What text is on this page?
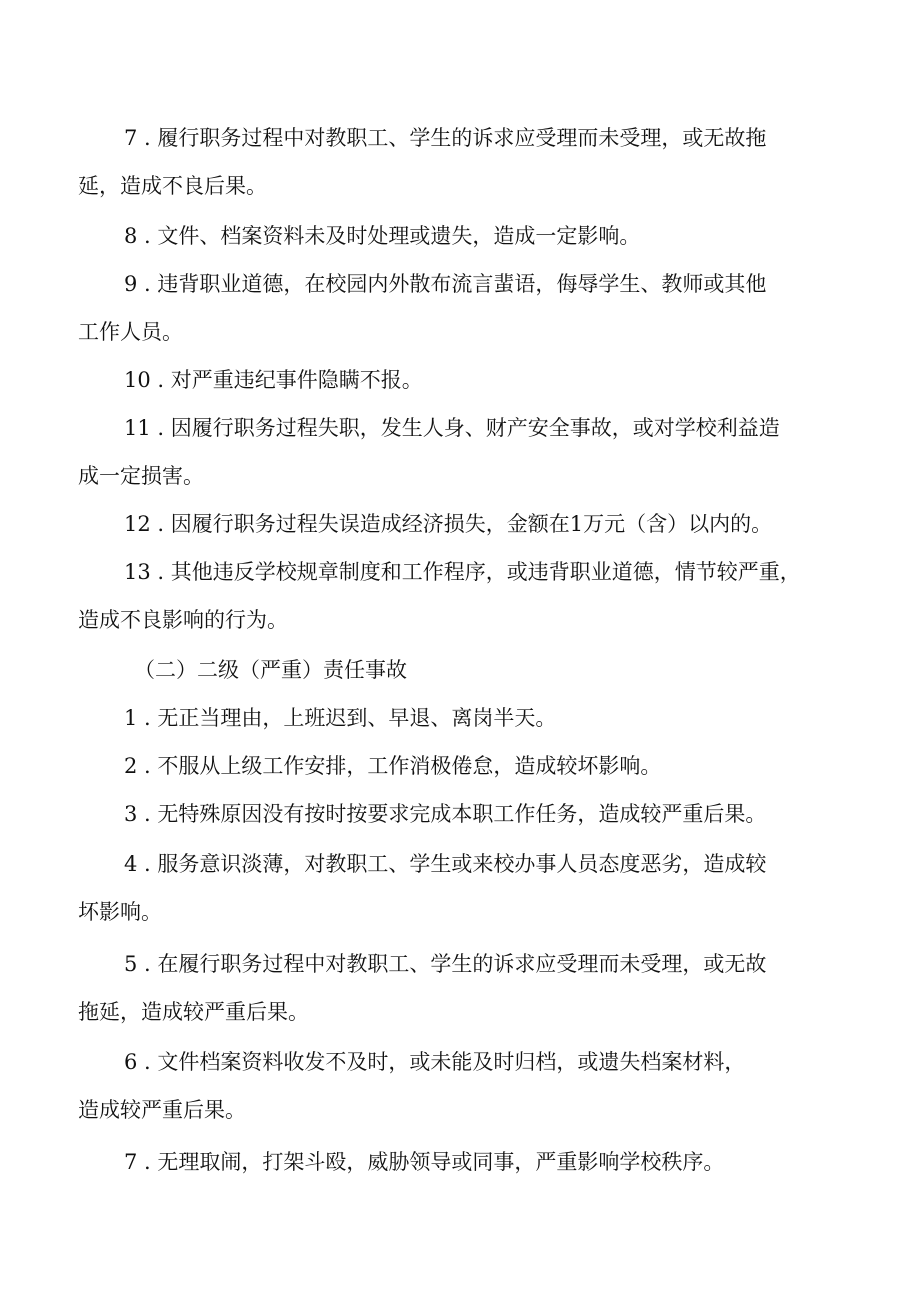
7 . 履行职务过程中对教职工、学生的诉求应受理而未受理，或无故拖
延，造成不良后果。
8 . 文件、档案资料未及时处理或遗失，造成一定影响。
9 . 违背职业道德，在校园内外散布流言蜚语，侮辱学生、教师或其他
工作人员。
10 . 对严重违纪事件隐瞒不报。
11 . 因履行职务过程失职，发生人身、财产安全事故，或对学校利益造
成一定损害。
12 . 因履行职务过程失误造成经济损失，金额在1万元（含）以内的。
13 . 其他违反学校规章制度和工作程序，或违背职业道德，情节较严重，
造成不良影响的行为。
（二）二级（严重）责任事故
1 . 无正当理由，上班迟到、早退、离岗半天。
2 . 不服从上级工作安排，工作消极倦怠，造成较坏影响。
3 . 无特殊原因没有按时按要求完成本职工作任务，造成较严重后果。
4 . 服务意识淡薄，对教职工、学生或来校办事人员态度恶劣，造成较
坏影响。
5 . 在履行职务过程中对教职工、学生的诉求应受理而未受理，或无故
拖延，造成较严重后果。
6 . 文件档案资料收发不及时，或未能及时归档，或遗失档案材料，
造成较严重后果。
7 . 无理取闹，打架斗殴，威胁领导或同事，严重影响学校秩序。
